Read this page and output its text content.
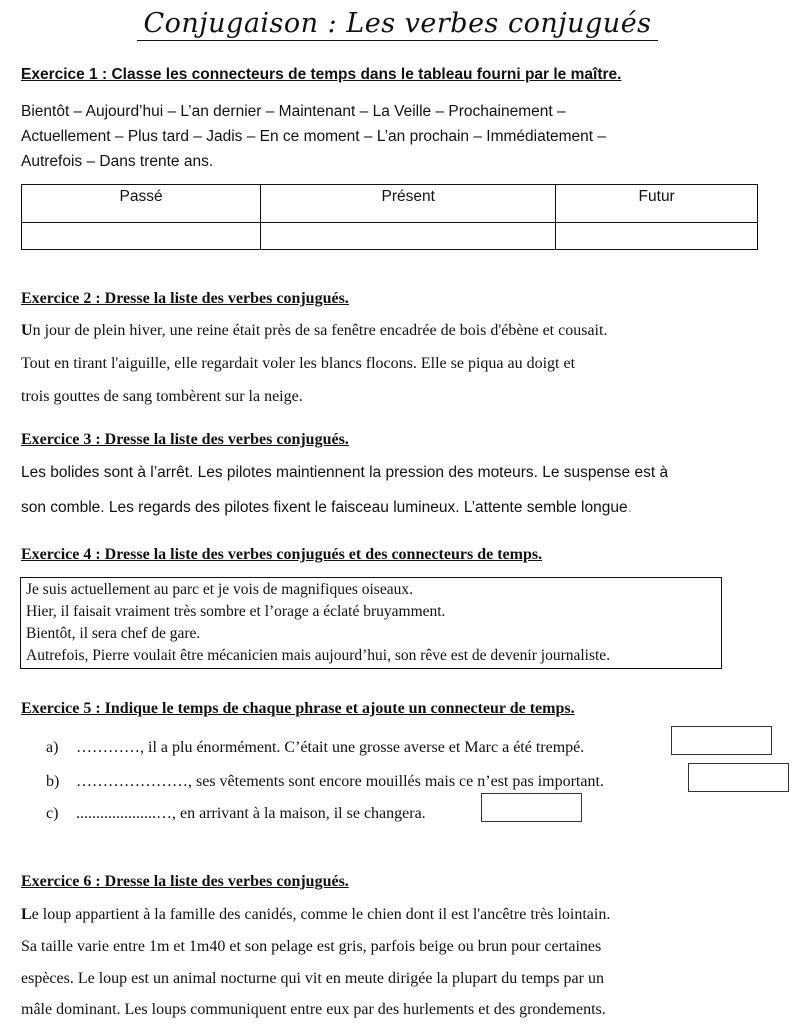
Conjugaison : Les verbes conjugués
Exercice 1 : Classe les connecteurs de temps dans le tableau fourni par le maître.
Bientôt – Aujourd’hui – L’an dernier – Maintenant – La Veille – Prochainement –
Actuellement – Plus tard – Jadis – En ce moment – L’an prochain – Immédiatement –
Autrefois – Dans trente ans.
Passé	Présent	Futur

Exercice 2 : Dresse la liste des verbes conjugués.
Un jour de plein hiver, une reine était près de sa fenêtre encadrée de bois d'ébène et cousait.
Tout en tirant l'aiguille, elle regardait voler les blancs flocons. Elle se piqua au doigt et
trois gouttes de sang tombèrent sur la neige.
Exercice 3 : Dresse la liste des verbes conjugués.
Les bolides sont à l’arrêt. Les pilotes maintiennent la pression des moteurs. Le suspense est à
son comble. Les regards des pilotes fixent le faisceau lumineux. L’attente semble longue.
Exercice 4 : Dresse la liste des verbes conjugués et des connecteurs de temps.
Je suis actuellement au parc et je vois de magnifiques oiseaux.
Hier, il faisait vraiment très sombre et l’orage a éclaté bruyamment.
Bientôt, il sera chef de gare.
Autrefois, Pierre voulait être mécanicien mais aujourd’hui, son rêve est de devenir journaliste.
Exercice 5 : Indique le temps de chaque phrase et ajoute un connecteur de temps.
a) …………, il a plu énormément. C’était une grosse averse et Marc a été trempé.
b) …………………, ses vêtements sont encore mouillés mais ce n’est pas important.
c) ....................…, en arrivant à la maison, il se changera.
Exercice 6 : Dresse la liste des verbes conjugués.
Le loup appartient à la famille des canidés, comme le chien dont il est l'ancêtre très lointain.
Sa taille varie entre 1m et 1m40 et son pelage est gris, parfois beige ou brun pour certaines
espèces. Le loup est un animal nocturne qui vit en meute dirigée la plupart du temps par un
mâle dominant. Les loups communiquent entre eux par des hurlements et des grondements.
